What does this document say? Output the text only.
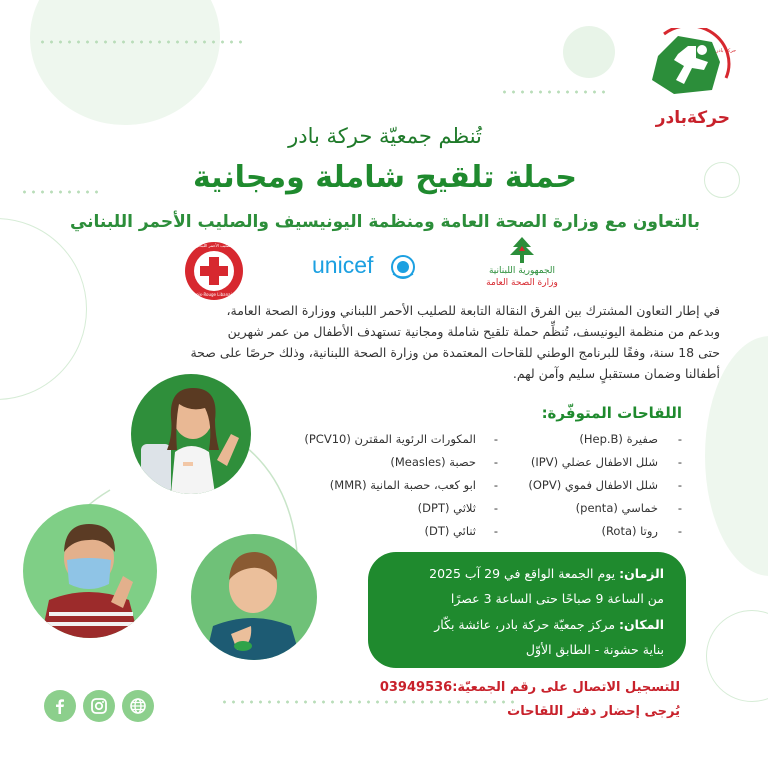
حركة بادر
حركةبادر
تُنظم جمعيّة حركة بادر
حملة تلقيح شاملة ومجانية
بالتعاون مع وزارة الصحة العامة ومنظمة اليونيسيف والصليب الأحمر اللبناني
الجمهورية اللبنانية
وزارة الصحة العامة
unicef
الصليب الأحمر اللبناني
Croix-Rouge Libanaise
في إطار التعاون المشترك بين الفرق النقالة التابعة للصليب الأحمر اللبناني ووزارة الصحة العامة،
وبدعم من منظمة اليونيسف، تُنظِّم حملة تلقيح شاملة ومجانية تستهدف الأطفال من عمر شهرين
حتى 18 سنة، وفقًا للبرنامج الوطني للقاحات المعتمدة من وزارة الصحة اللبنانية، وذلك حرصًا على صحة
أطفالنا وضمان مستقبلٍ سليم وآمن لهم.
اللقاحات المتوفّرة:
-
صفيرة (Hep.B)
-
شلل الاطفال عضلي (IPV)
-
شلل الاطفال فموي (OPV)
-
خماسي (penta)
-
روتا (Rota)
-
المكورات الرئوية المقترن (PCV10)
-
حصبة (Measles)
-
ابو كعب، حصبة المانية (MMR)
-
ثلاثي (DPT)
-
ثنائي (DT)
الزمان: يوم الجمعة الواقع في 29 آب 2025
من الساعة 9 صباحًا حتى الساعة 3 عصرًا
المكان: مركز جمعيّة حركة بادر، عائشة بكّار
بناية حشونة - الطابق الأوّل
للتسجيل الاتصال على رقم الجمعيّة:03949536
يُرجى إحضار دفتر اللقاحات
